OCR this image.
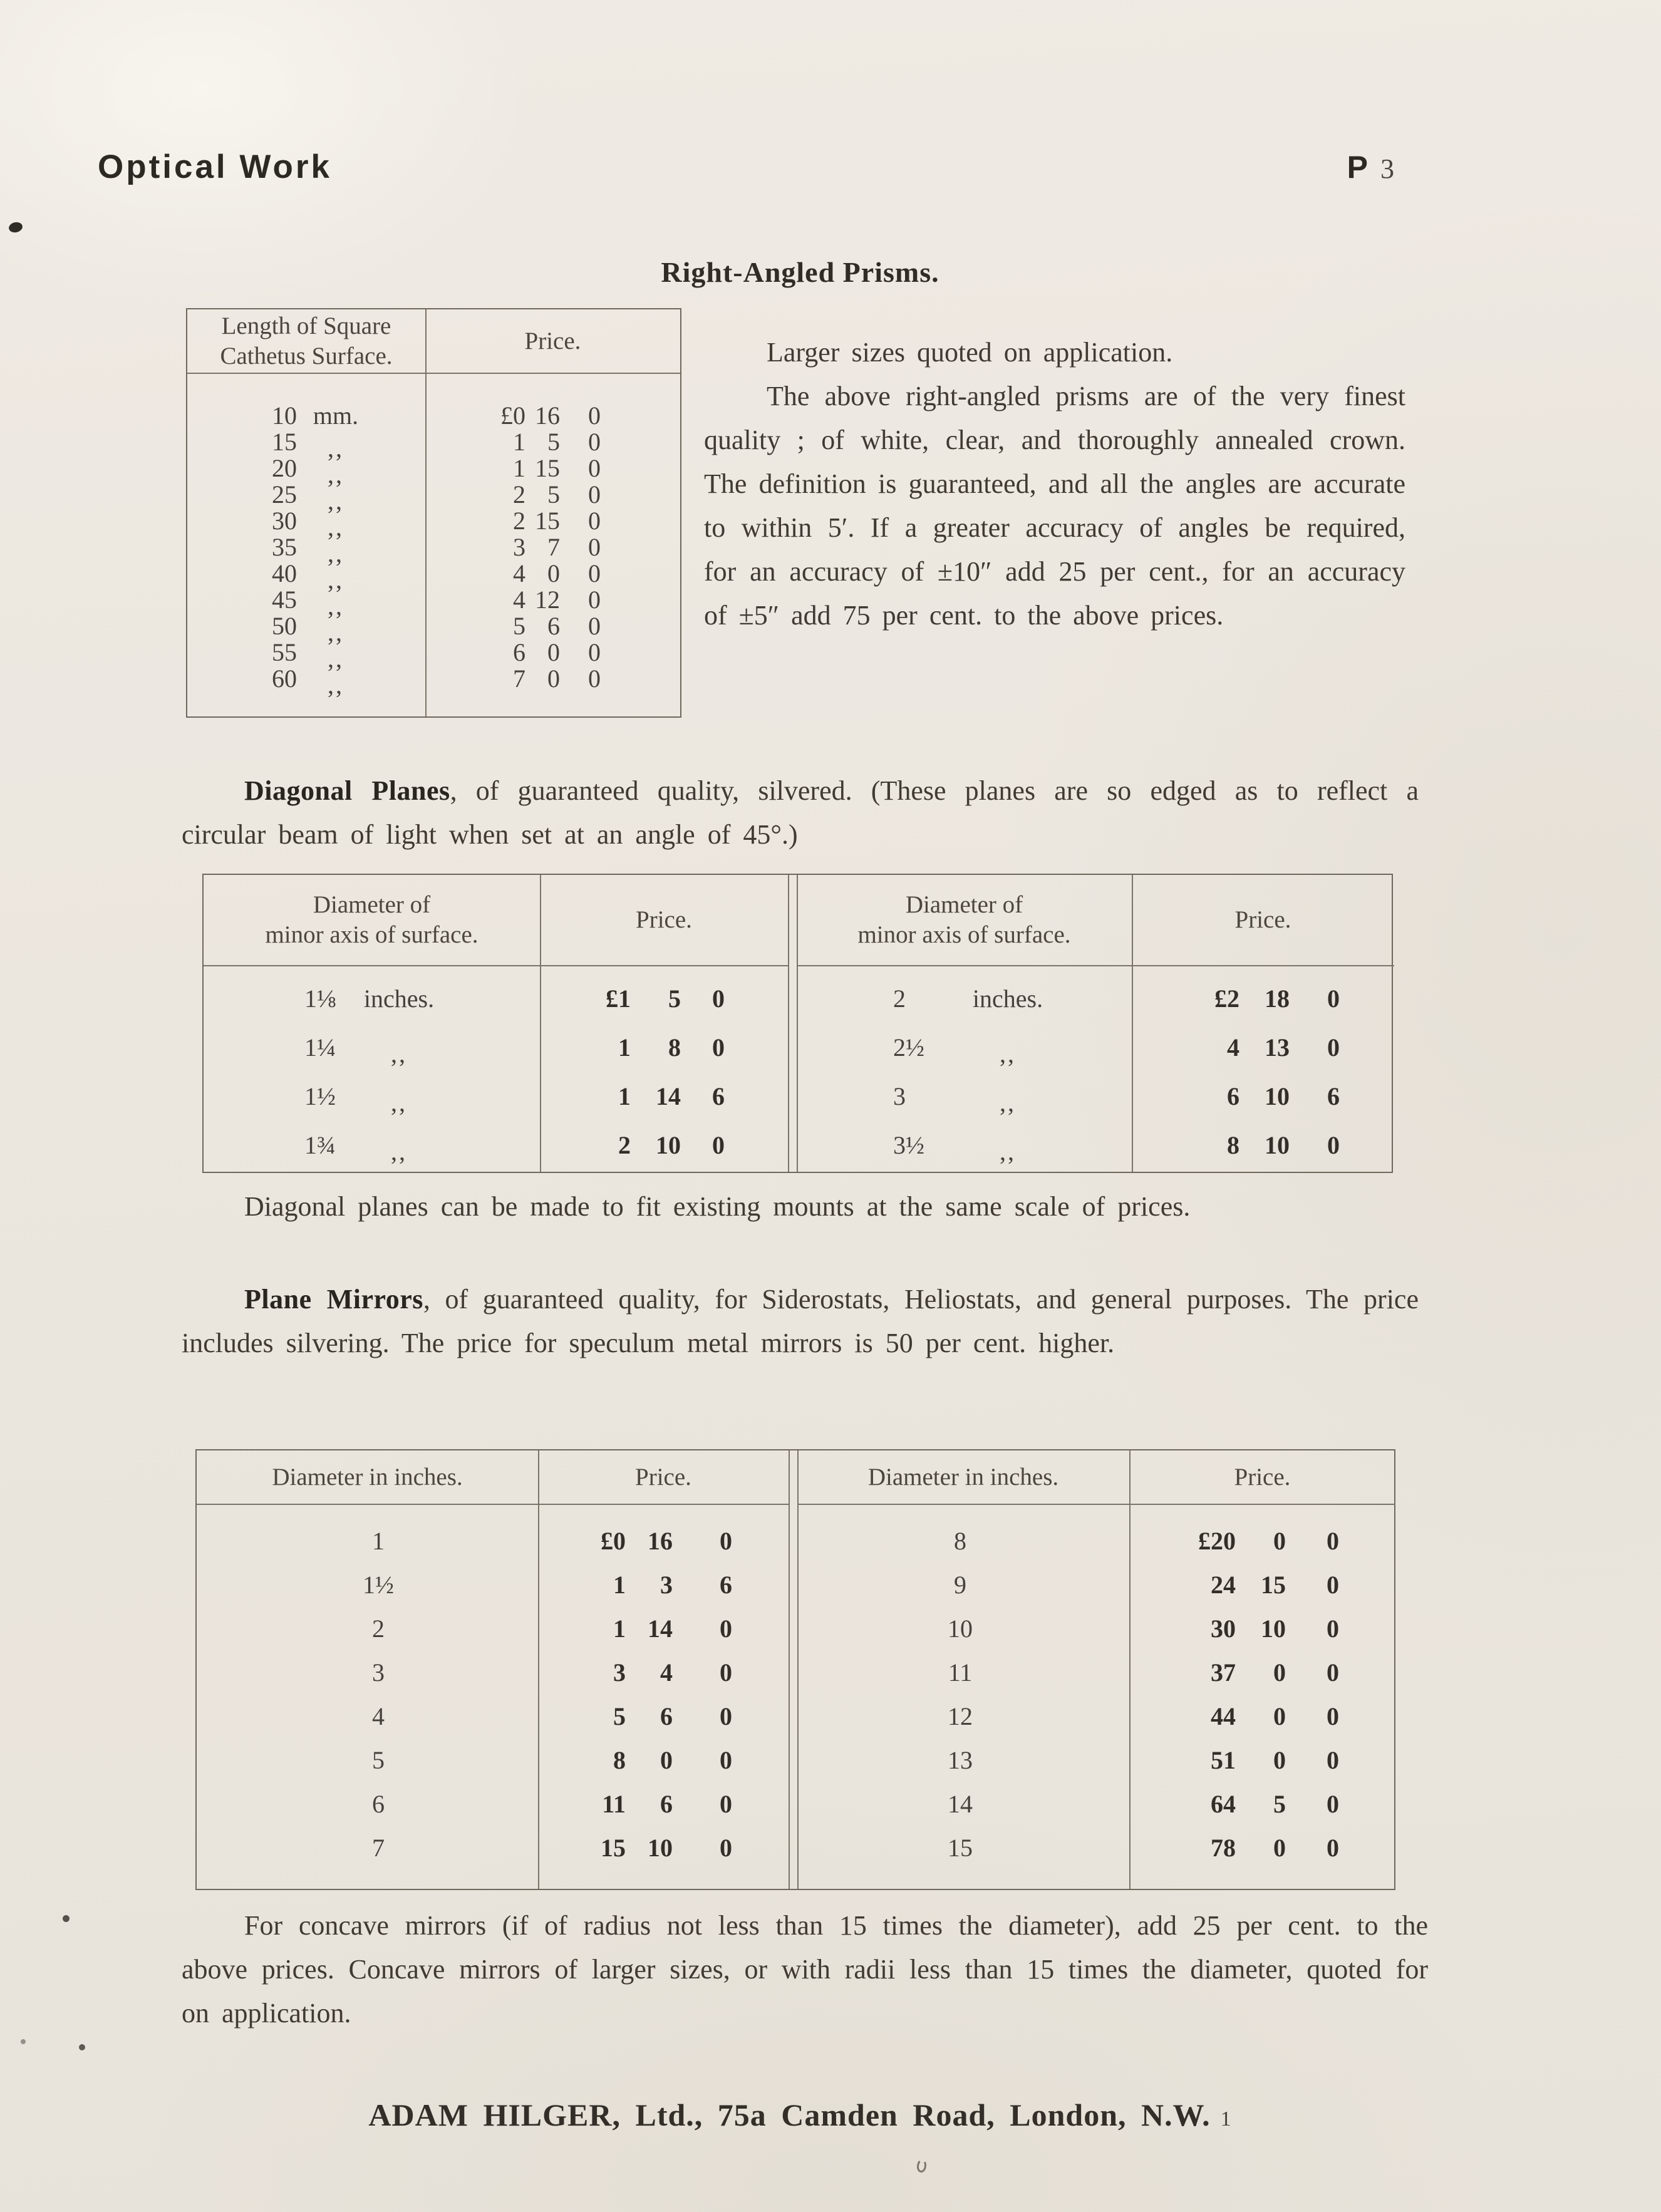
Optical Work	P 3
Right-Angled Prisms.
Length of Square
Cathetus Surface.
Price.
10 mm.	£0 16	0
15	,,	1 5	0
20	,,	1 15	0
25	,,	2 5	0
30	,,	2 15	0
35	,,	3 7	0
40	,,	4 0	0
45	,,	4 12	0
50	,,	5 6	0
55	,,	6 0	0
60	,,	7 0	0

Larger sizes quoted on application.

The above right-angled prisms are of the very finest quality ; of white, clear, and thoroughly annealed crown. The definition is guaranteed, and all the angles are accurate to within 5′. If a greater accuracy of angles be required, for an accuracy of ±10″ add 25 per cent., for an accuracy of ±5″ add 75 per cent. to the above prices.

Diagonal Planes, of guaranteed quality, silvered. (These planes are so edged as to reflect a circular beam of light when set at an angle of 45°.)

Diameter of
minor axis of surface.
Price.
1⅛	inches.	£1	5	0
1¼	,,	1	8	0
1½	,,	1	14	6
1¾	,,	2	10	0
Diameter of
minor axis of surface.
Price.
2	inches.	£2	18	0
2½	,,	4	13	0
3	,,	6	10	6
3½	,,	8	10	0

Diagonal planes can be made to fit existing mounts at the same scale of prices.

Plane Mirrors, of guaranteed quality, for Siderostats, Heliostats, and general purposes. The price includes silvering. The price for speculum metal mirrors is 50 per cent. higher.

Diameter in inches.	Price.
1	£0 16	0
1½	1	3	6
2	1 14	0
3	3	4	0
4	5	6	0
5	8	0	0
6	11	6	0
7	15 10	0
Diameter in inches.	Price.
8	£20	0	0
9	24	15	0
10	30	10	0
11	37	0	0
12	44	0	0
13	51	0	0
14	64	5	0
15	78	0	0

For concave mirrors (if of radius not less than 15 times the diameter), add 25 per cent. to the above prices. Concave mirrors of larger sizes, or with radii less than 15 times the diameter, quoted for on application.

ADAM HILGER, Ltd., 75a Camden Road, London, N.W. 1
